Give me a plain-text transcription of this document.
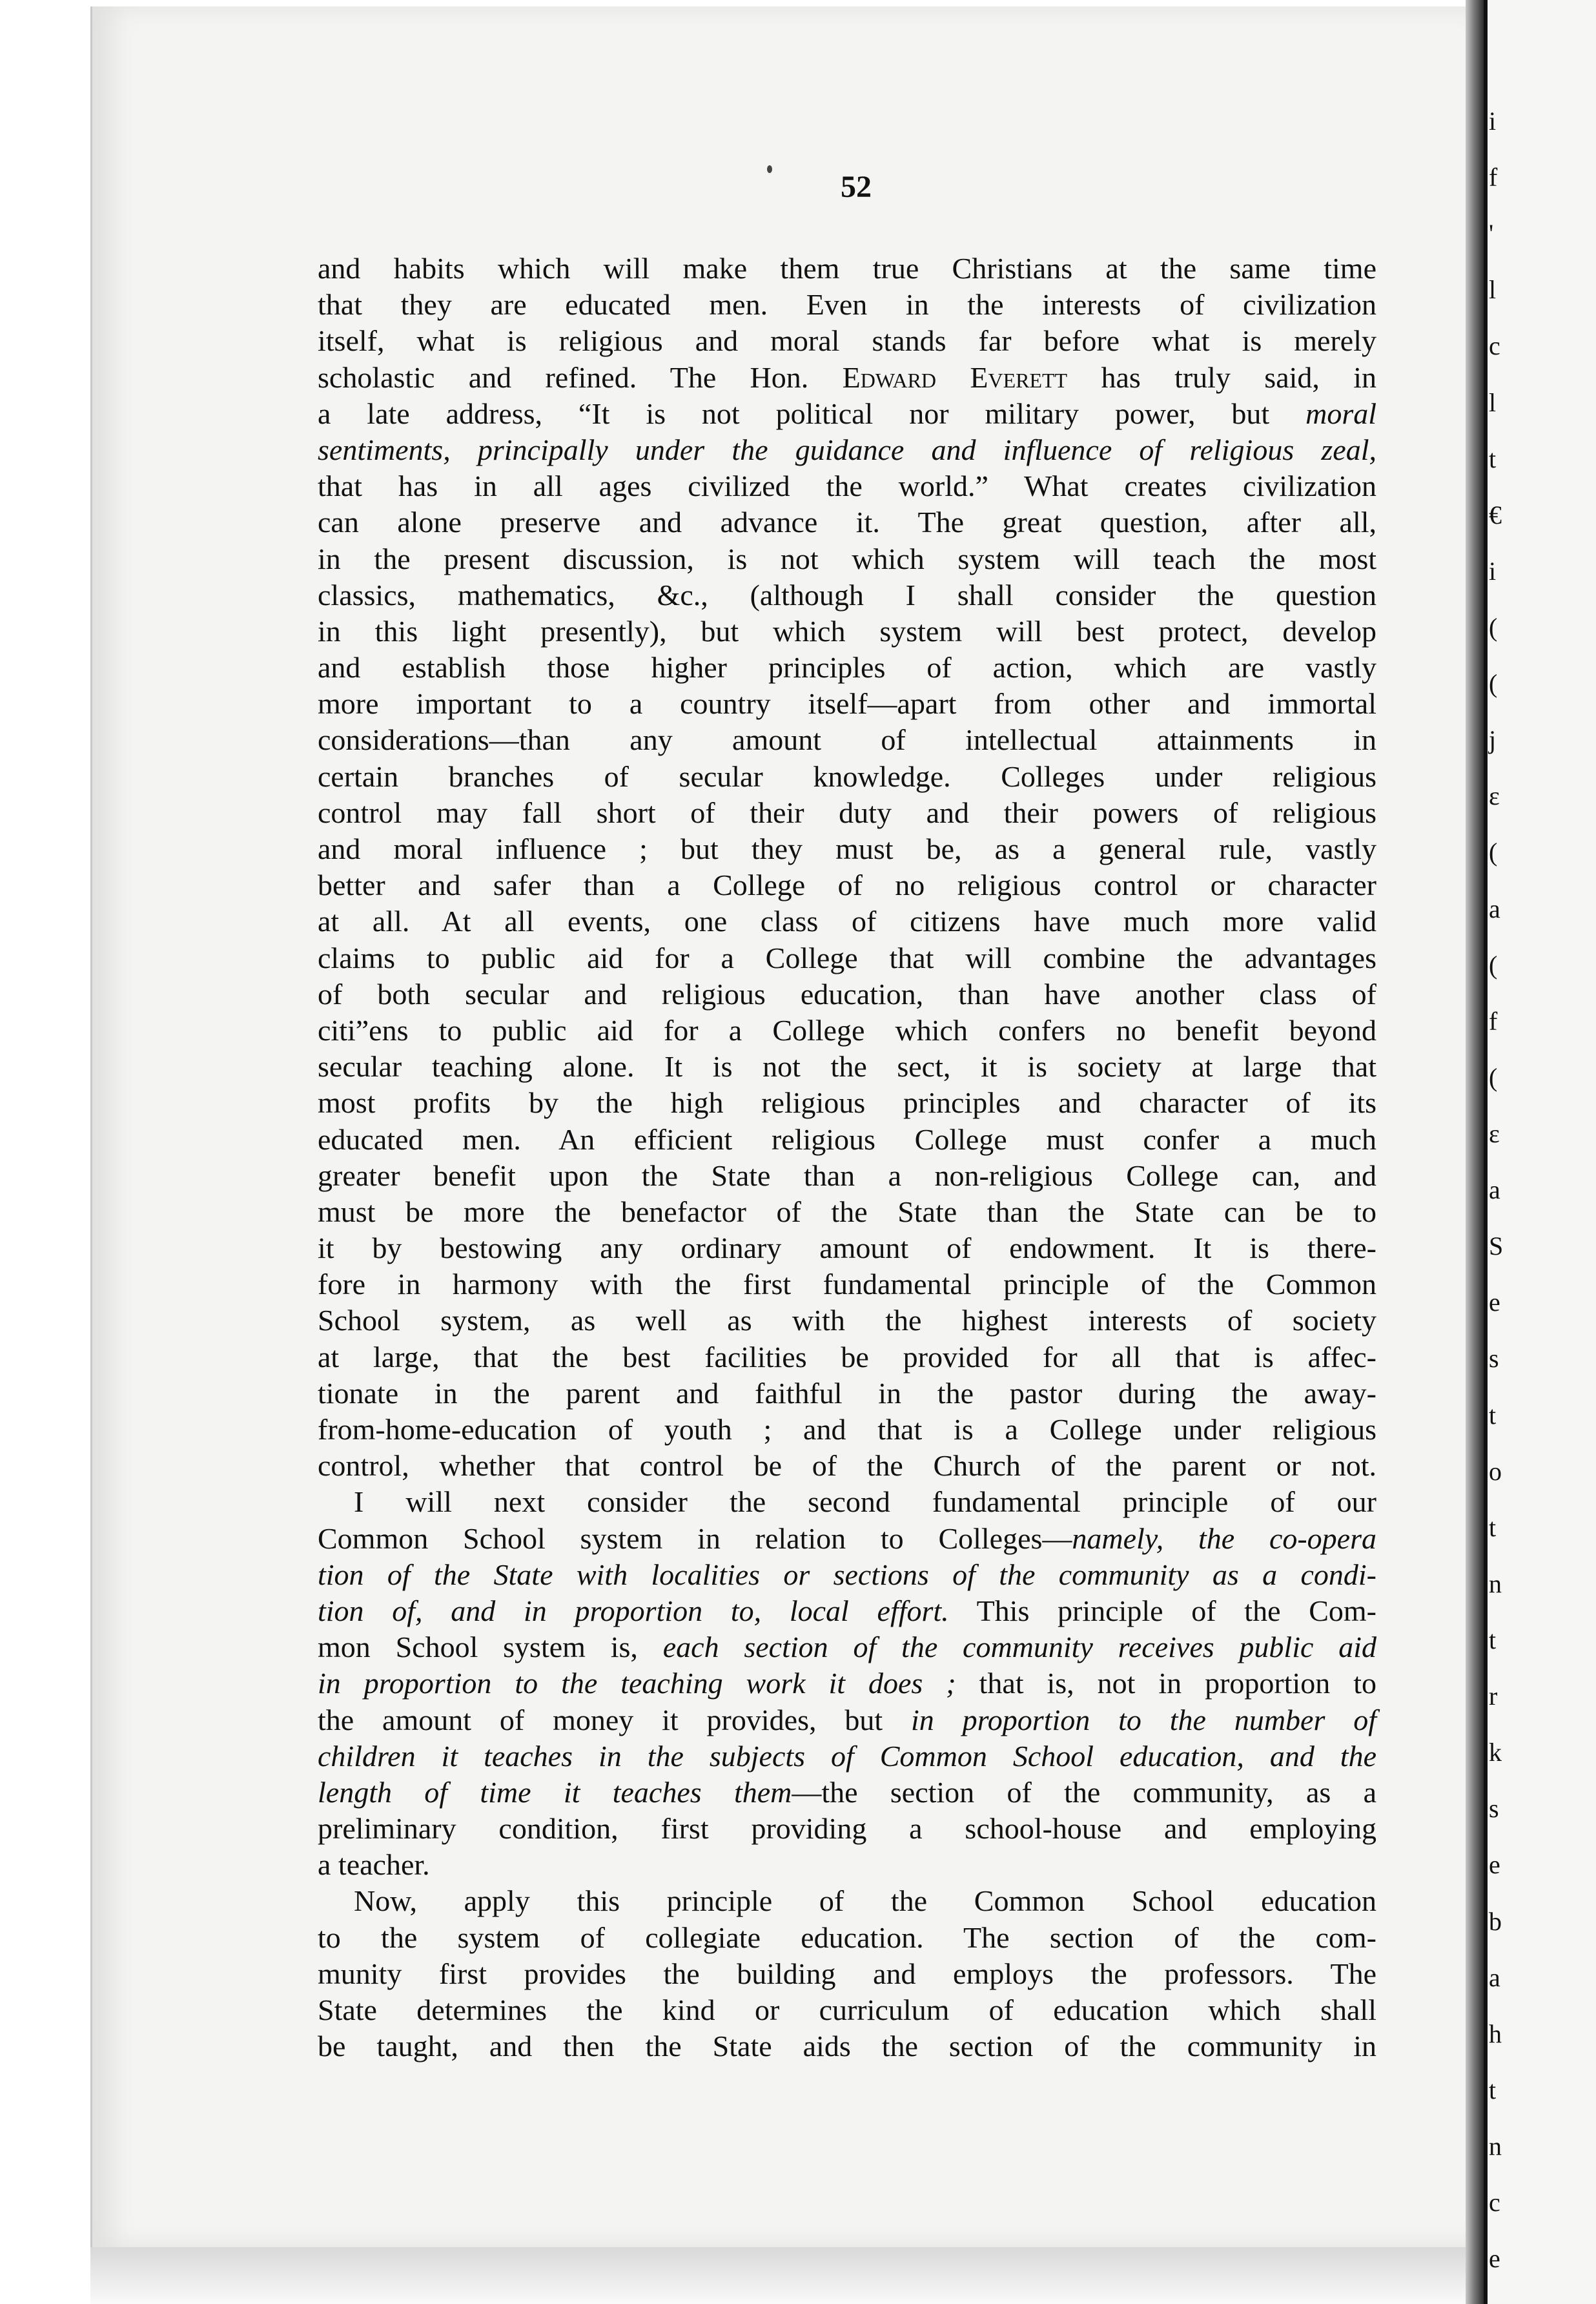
i
f
'
l
c
l
t
€
i
(
(
j
ε
(
a
(
f
(
ε
a
S
e
s
t
o
t
n
t
r
k
s
e
b
a
h
t
n
c
e
52
and habits which will make them true Christians at the same time
that they are educated men. Even in the interests of civilization
itself, what is religious and moral stands far before what is merely
scholastic and refined. The Hon. Edward Everett has truly said, in
a late address, “It is not political nor military power, but moral
sentiments, principally under the guidance and influence of religious zeal,
that has in all ages civilized the world.” What creates civilization
can alone preserve and advance it. The great question, after all,
in the present discussion, is not which system will teach the most
classics, mathematics, &c., (although I shall consider the question
in this light presently), but which system will best protect, develop
and establish those higher principles of action, which are vastly
more important to a country itself—apart from other and immortal
considerations—than any amount of intellectual attainments in
certain branches of secular knowledge. Colleges under religious
control may fall short of their duty and their powers of religious
and moral influence ; but they must be, as a general rule, vastly
better and safer than a College of no religious control or character
at all. At all events, one class of citizens have much more valid
claims to public aid for a College that will combine the advantages
of both secular and religious education, than have another class of
citi”ens to public aid for a College which confers no benefit beyond
secular teaching alone. It is not the sect, it is society at large that
most profits by the high religious principles and character of its
educated men. An efficient religious College must confer a much
greater benefit upon the State than a non-religious College can, and
must be more the benefactor of the State than the State can be to
it by bestowing any ordinary amount of endowment. It is there-
fore in harmony with the first fundamental principle of the Common
School system, as well as with the highest interests of society
at large, that the best facilities be provided for all that is affec-
tionate in the parent and faithful in the pastor during the away-
from-home-education of youth ; and that is a College under religious
control, whether that control be of the Church of the parent or not.
I will next consider the second fundamental principle of our
Common School system in relation to Colleges—namely, the co-opera
tion of the State with localities or sections of the community as a condi-
tion of, and in proportion to, local effort. This principle of the Com-
mon School system is, each section of the community receives public aid
in proportion to the teaching work it does ; that is, not in proportion to
the amount of money it provides, but in proportion to the number of
children it teaches in the subjects of Common School education, and the
length of time it teaches them—the section of the community, as a
preliminary condition, first providing a school-house and employing
a teacher.
Now, apply this principle of the Common School education
to the system of collegiate education. The section of the com-
munity first provides the building and employs the professors. The
State determines the kind or curriculum of education which shall
be taught, and then the State aids the section of the community in
